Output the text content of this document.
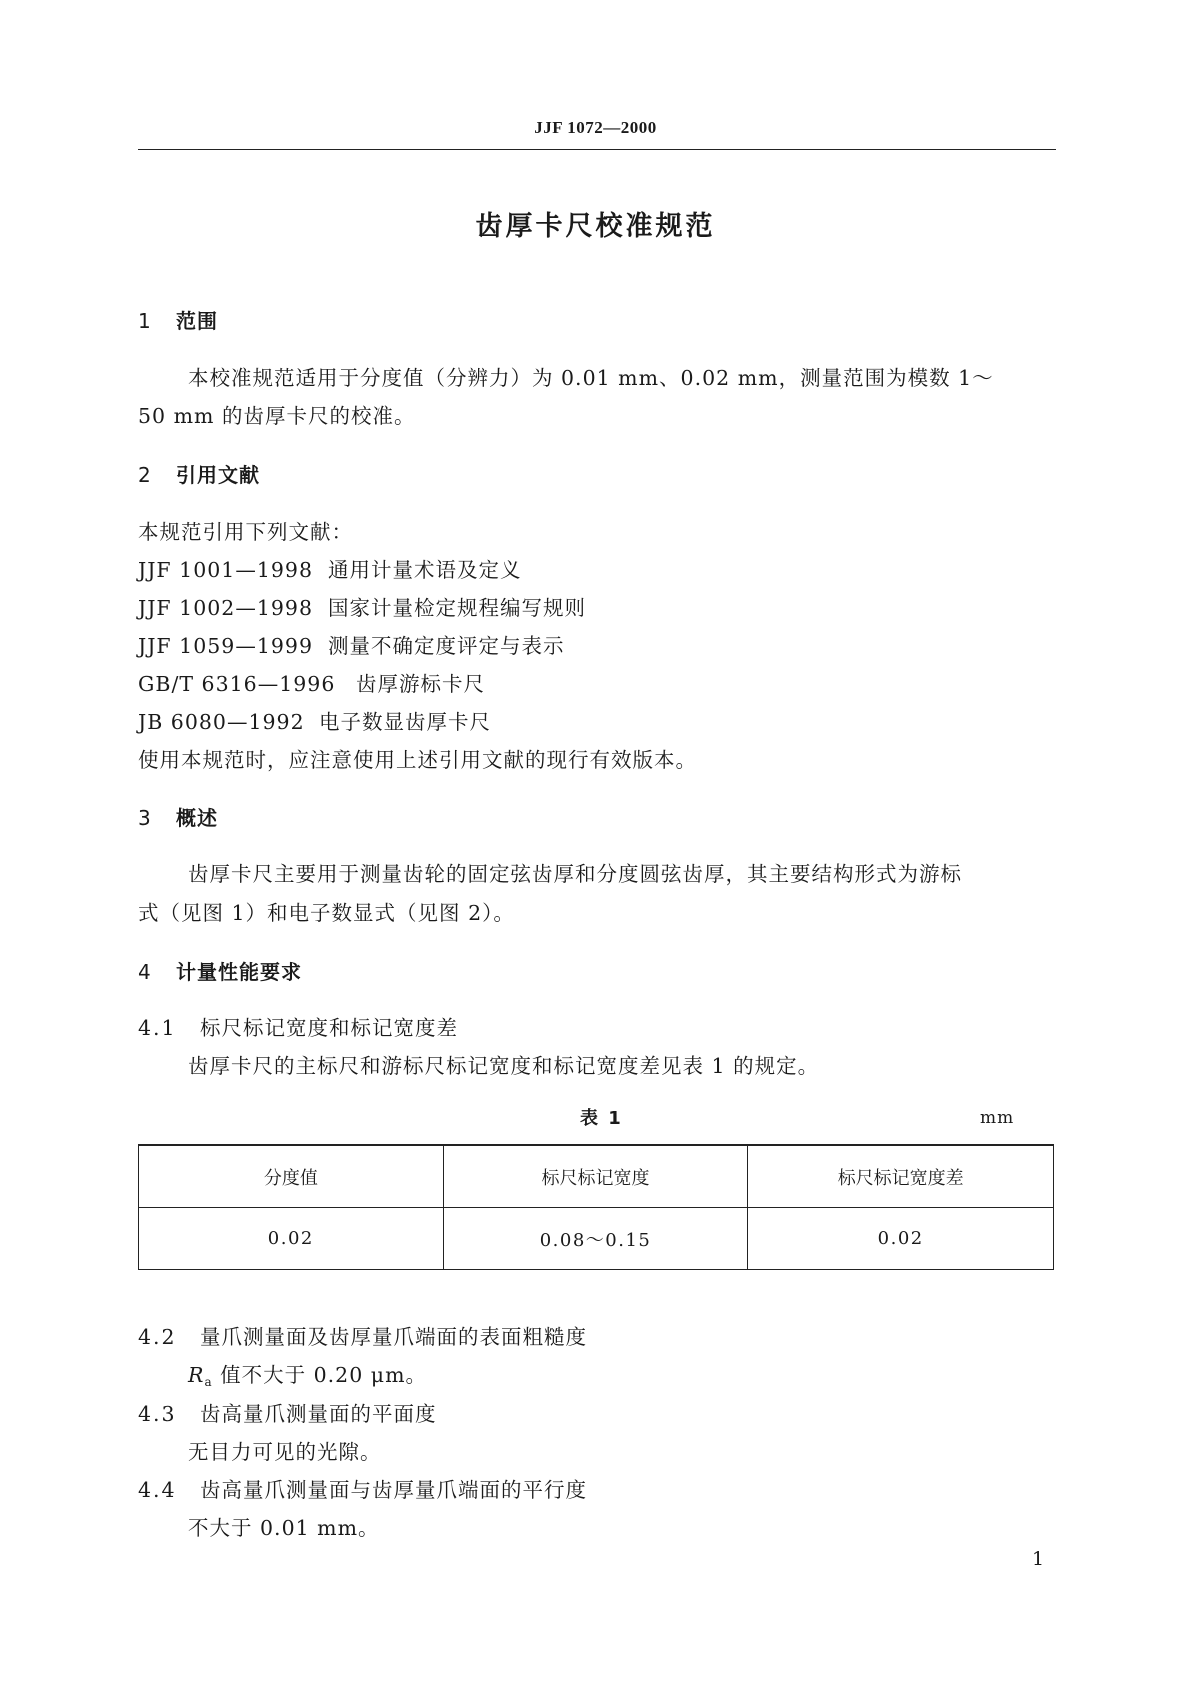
JJF 1072—2000
齿厚卡尺校准规范
1 范围
本校准规范适用于分度值（分辨力）为 0.01 mm、0.02 mm，测量范围为模数 1～
50 mm 的齿厚卡尺的校准。
2 引用文献
本规范引用下列文献：
JJF 1001—1998 通用计量术语及定义
JJF 1002—1998 国家计量检定规程编写规则
JJF 1059—1999 测量不确定度评定与表示
GB/T 6316—1996 齿厚游标卡尺
JB 6080—1992 电子数显齿厚卡尺
使用本规范时，应注意使用上述引用文献的现行有效版本。
3 概述
齿厚卡尺主要用于测量齿轮的固定弦齿厚和分度圆弦齿厚，其主要结构形式为游标
式（见图 1）和电子数显式（见图 2）。
4 计量性能要求
4.1 标尺标记宽度和标记宽度差
齿厚卡尺的主标尺和游标尺标记宽度和标记宽度差见表 1 的规定。
表 1	mm
分度值	标尺标记宽度	标尺标记宽度差
0.02	0.08～0.15	0.02
4.2 量爪测量面及齿厚量爪端面的表面粗糙度
Ra 值不大于 0.20 μm。
4.3 齿高量爪测量面的平面度
无目力可见的光隙。
4.4 齿高量爪测量面与齿厚量爪端面的平行度
不大于 0.01 mm。
1
